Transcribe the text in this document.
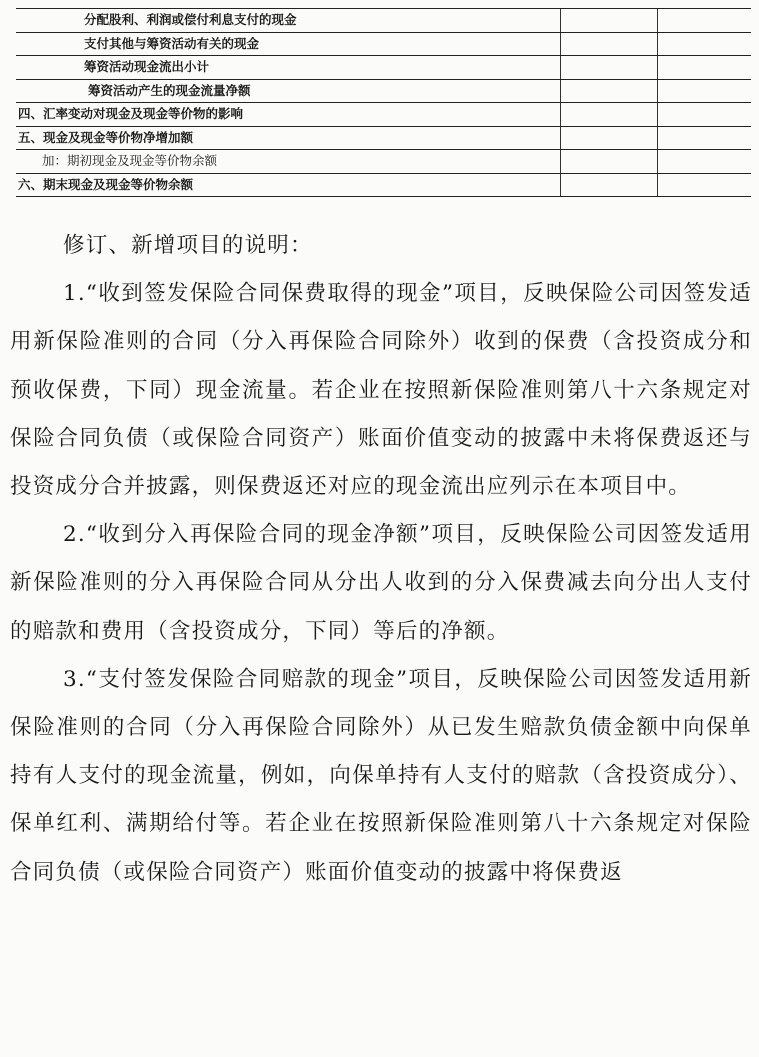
分配股利、利润或偿付利息支付的现金		
支付其他与筹资活动有关的现金		
筹资活动现金流出小计		
筹资活动产生的现金流量净额		
四、汇率变动对现金及现金等价物的影响		
五、现金及现金等价物净增加额		
加：期初现金及现金等价物余额		
六、期末现金及现金等价物余额		

修订、新增项目的说明：

1.“收到签发保险合同保费取得的现金”项目，反映保险公司因签发适用新保险准则的合同（分入再保险合同除外）收到的保费（含投资成分和预收保费，下同）现金流量。若企业在按照新保险准则第八十六条规定对保险合同负债（或保险合同资产）账面价值变动的披露中未将保费返还与投资成分合并披露，则保费返还对应的现金流出应列示在本项目中。

2.“收到分入再保险合同的现金净额”项目，反映保险公司因签发适用新保险准则的分入再保险合同从分出人收到的分入保费减去向分出人支付的赔款和费用（含投资成分，下同）等后的净额。

3.“支付签发保险合同赔款的现金”项目，反映保险公司因签发适用新保险准则的合同（分入再保险合同除外）从已发生赔款负债金额中向保单持有人支付的现金流量，例如，向保单持有人支付的赔款（含投资成分）、保单红利、满期给付等。若企业在按照新保险准则第八十六条规定对保险合同负债（或保险合同资产）账面价值变动的披露中将保费返
